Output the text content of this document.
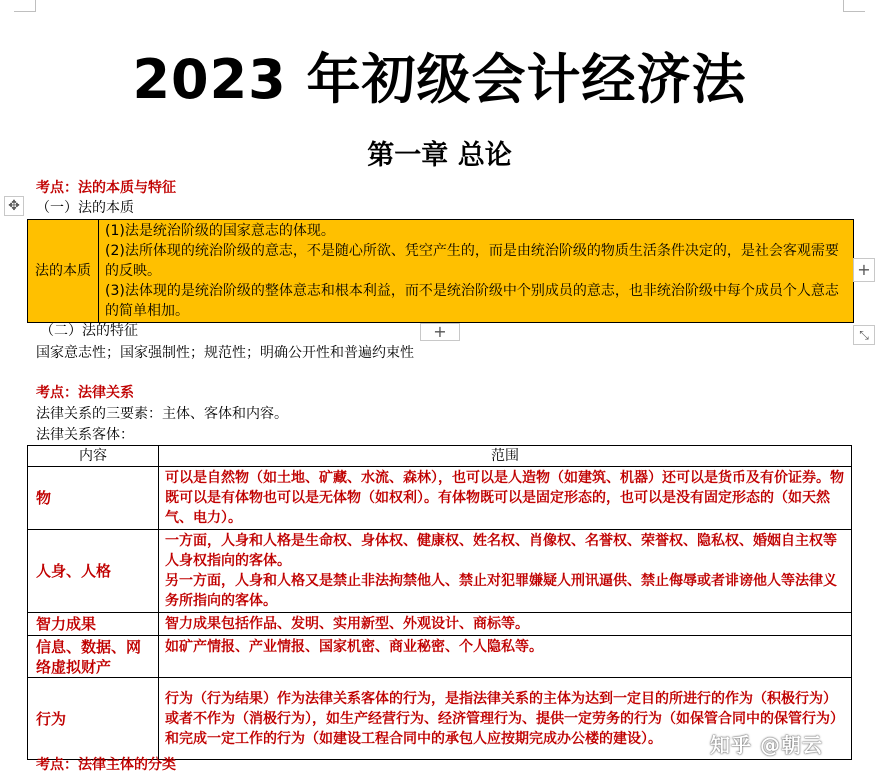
2023 年初级会计经济法
第一章 总论
考点：法的本质与特征
✥ （一）法的本质
法的本质	
(1)法是统治阶级的国家意志的体现。
(2)法所体现的统治阶级的意志，不是随心所欲、凭空产生的，而是由统治阶级的物质生活条件决定的，是社会客观需要的反映。
(3)法体现的是统治阶级的整体意志和根本利益，而不是统治阶级中个别成员的意志，也非统治阶级中每个成员个人意志的简单相加。
+
+	⤡
（二）法的特征
国家意志性；国家强制性；规范性；明确公开性和普遍约束性
考点：法律关系
法律关系的三要素：主体、客体和内容。
法律关系客体：
内容	范围
物	可以是自然物（如土地、矿藏、水流、森林），也可以是人造物（如建筑、机器）还可以是货币及有价证券。物既可以是有体物也可以是无体物（如权利）。有体物既可以是固定形态的，也可以是没有固定形态的（如天然气、电力）。
人身、人格	一方面，人身和人格是生命权、身体权、健康权、姓名权、肖像权、名誉权、荣誉权、隐私权、婚姻自主权等人身权指向的客体。
另一方面，人身和人格又是禁止非法拘禁他人、禁止对犯罪嫌疑人刑讯逼供、禁止侮辱或者诽谤他人等法律义务所指向的客体。

智力成果	智力成果包括作品、发明、实用新型、外观设计、商标等。
信息、数据、网络虚拟财产	如矿产情报、产业情报、国家机密、商业秘密、个人隐私等。
行为	行为（行为结果）作为法律关系客体的行为，是指法律关系的主体为达到一定目的所进行的作为（积极行为）或者不作为（消极行为），如生产经营行为、经济管理行为、提供一定劳务的行为（如保管合同中的保管行为）和完成一定工作的行为（如建设工程合同中的承包人应按期完成办公楼的建设）。
考点：法律主体的分类
知乎 @朝云
